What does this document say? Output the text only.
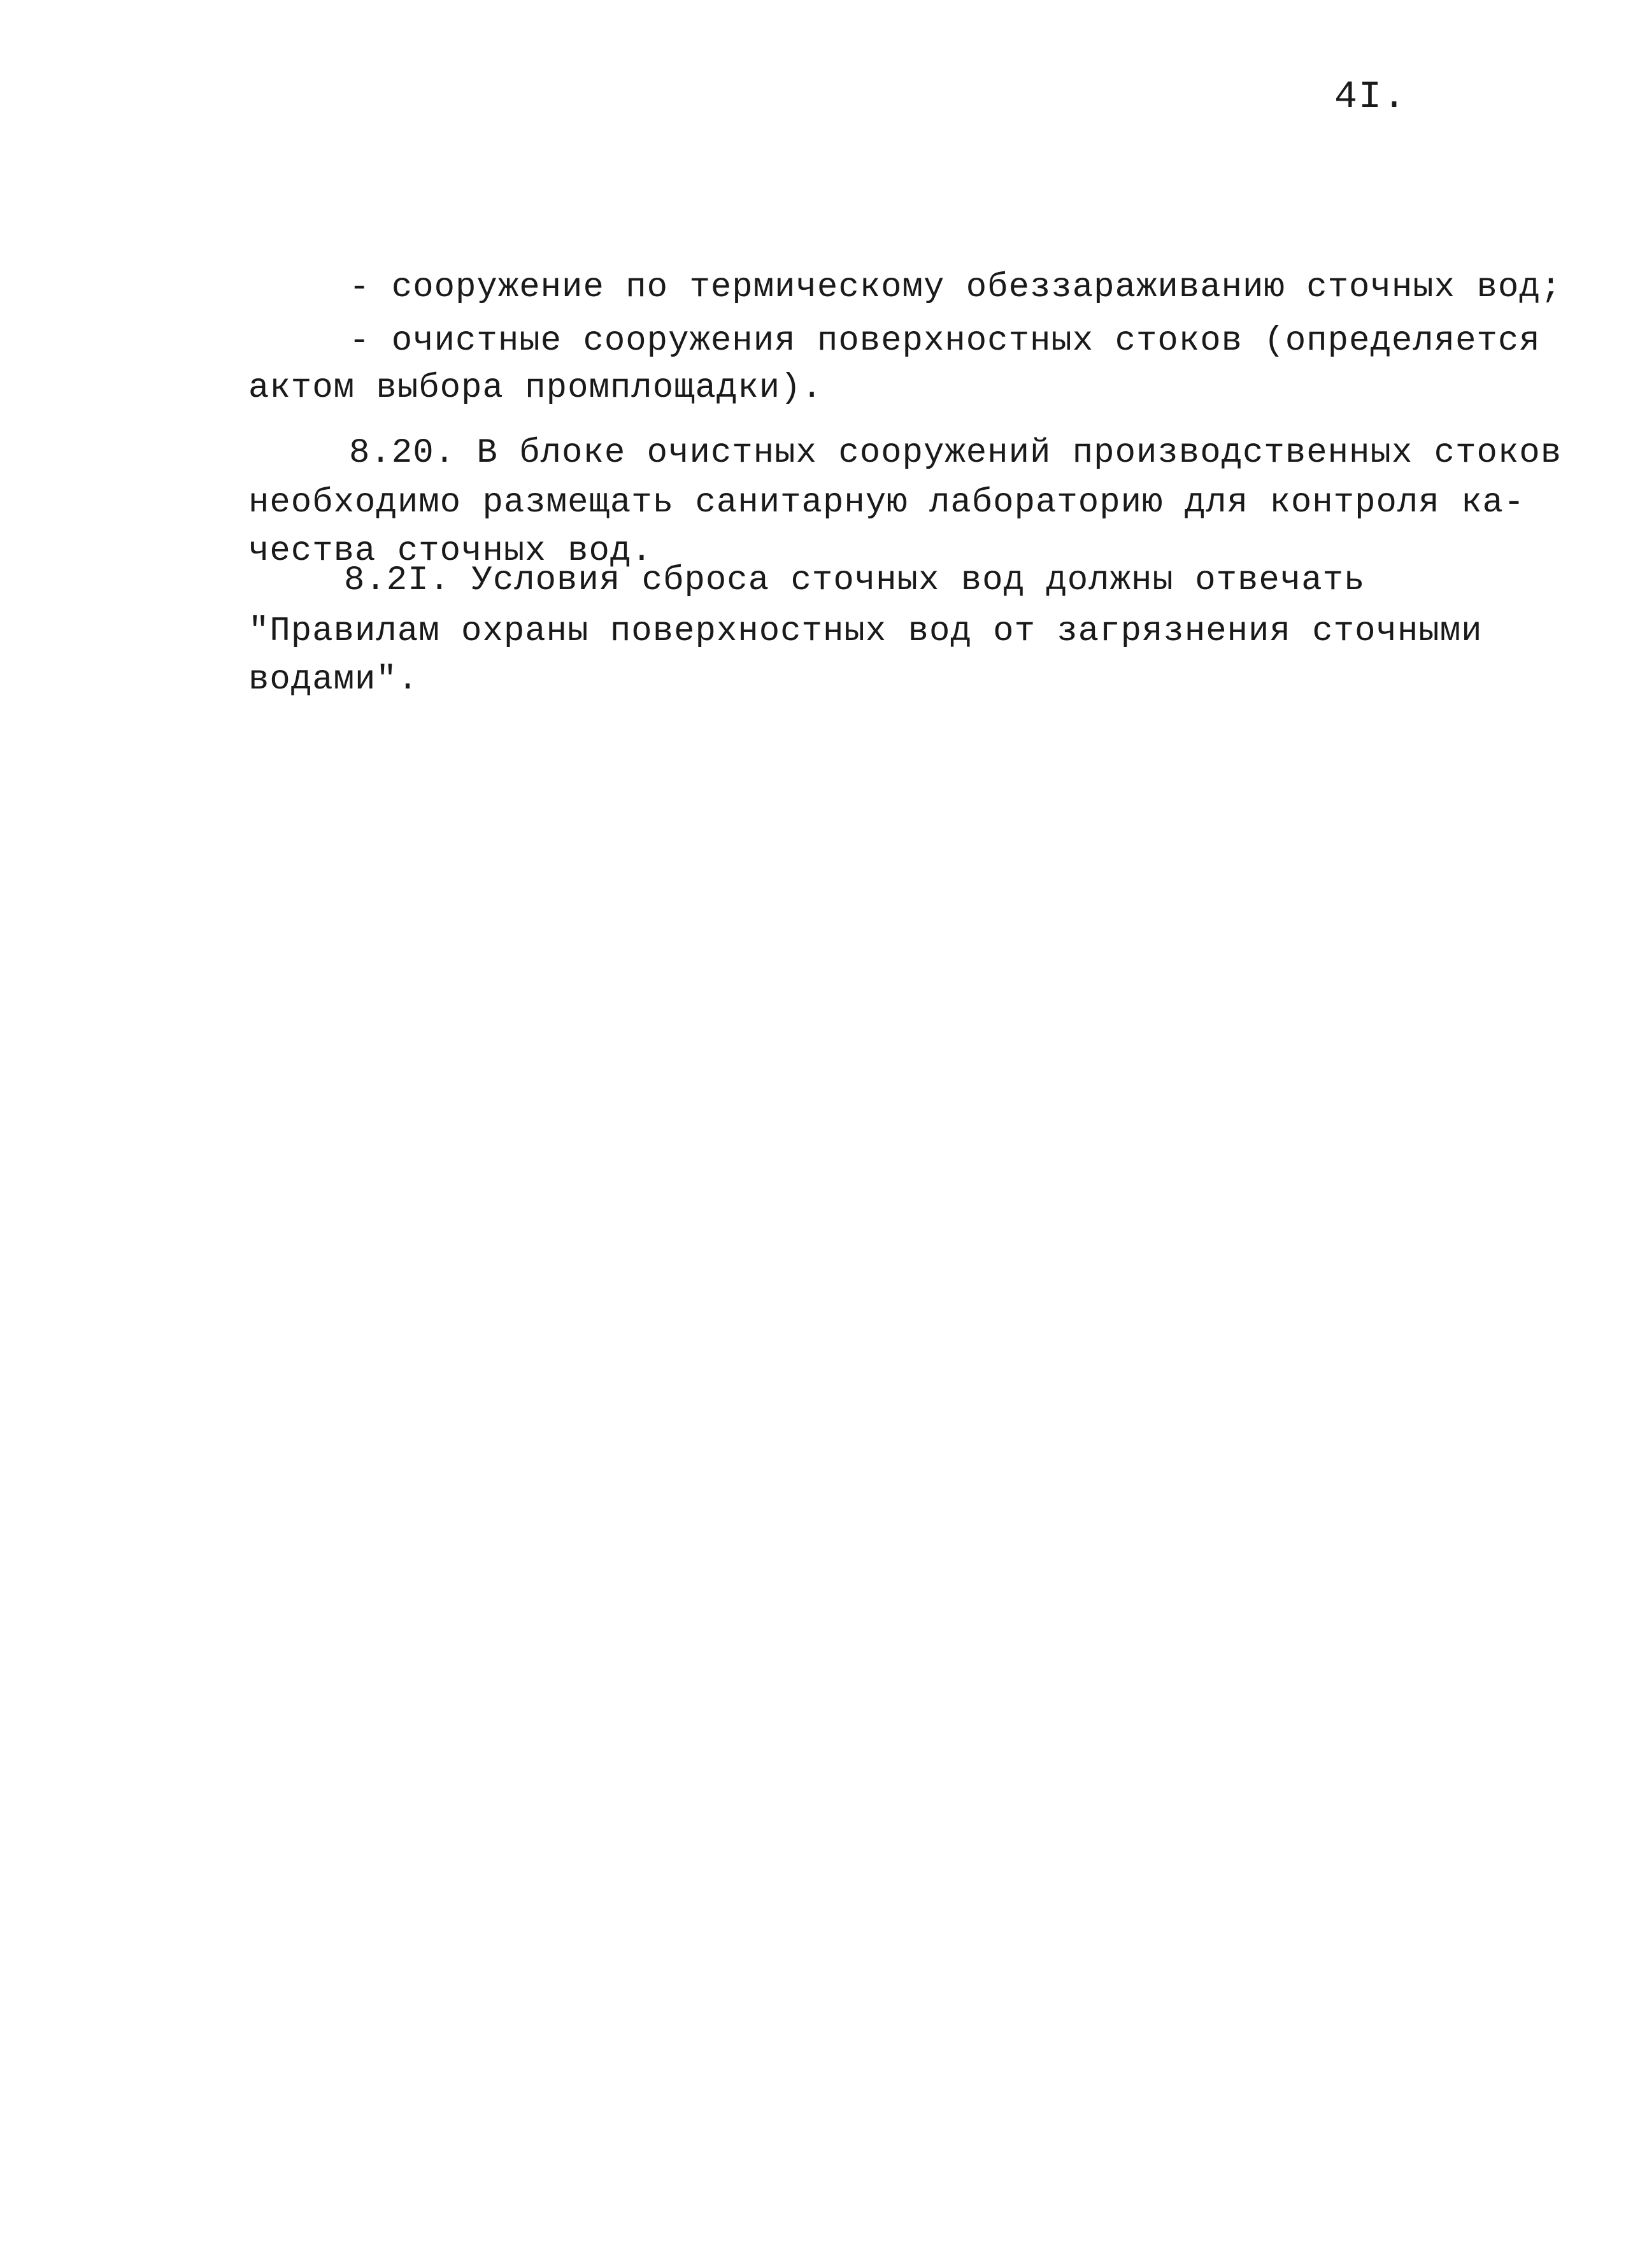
4I.
- сооружение по термическому обеззараживанию сточных вод;
- очистные сооружения поверхностных стоков (определяется
актом выбора промплощадки).
8.20. В блоке очистных сооружений производственных стоков
необходимо размещать санитарную лабораторию для контроля ка-
чества сточных вод.
8.2I. Условия сброса сточных вод должны отвечать
"Правилам охраны поверхностных вод от загрязнения сточными
водами".
